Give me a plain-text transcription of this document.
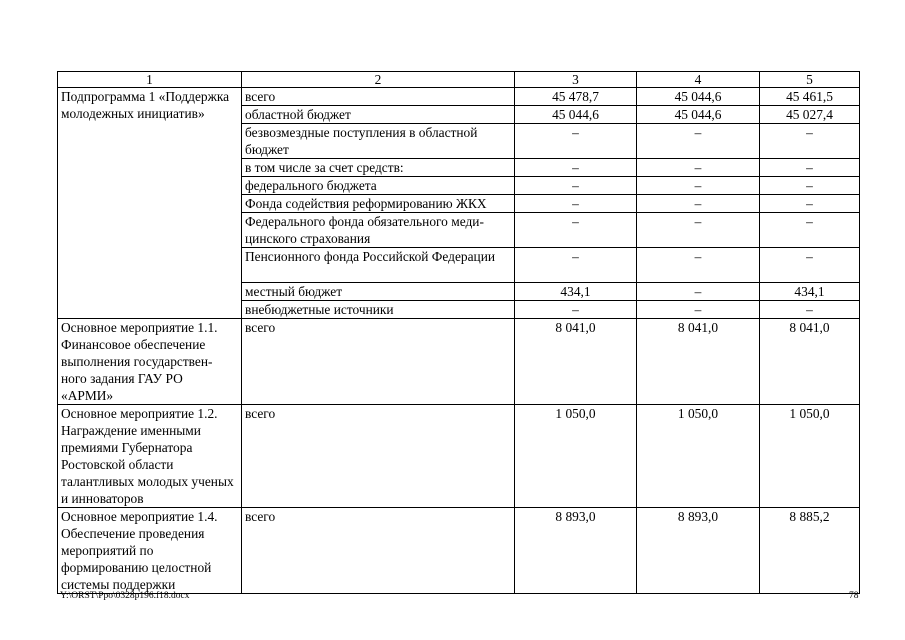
1	2	3	4	5
Подпрограмма 1 «Поддержка молодежных инициатив»	всего	45 478,7	45 044,6	45 461,5
	областной бюджет	45 044,6	45 044,6	45 027,4
	безвозмездные поступления в областной бюджет	–	–	–
	в том числе за счет средств:	–	–	–
	федерального бюджета	–	–	–
	Фонда содействия реформированию ЖКХ	–	–	–
	Федерального фонда обязательного меди-цинского страхования	–	–	–
	Пенсионного фонда Российской Федерации	–	–	–
	местный бюджет	434,1	–	434,1
	внебюджетные источники	–	–	–
Основное мероприятие 1.1. Финансовое обеспечение выполнения государствен-ного задания ГАУ РО «АРМИ»	всего	8 041,0	8 041,0	8 041,0
Основное мероприятие 1.2. Награждение именными премиями Губернатора Ростовской области талантливых молодых ученых и инноваторов	всего	1 050,0	1 050,0	1 050,0
Основное мероприятие 1.4. Обеспечение проведения мероприятий по формированию целостной системы поддержки	всего	8 893,0	8 893,0	8 885,2
Y:\ORST\Ppo\0328p196.f18.docx	78
